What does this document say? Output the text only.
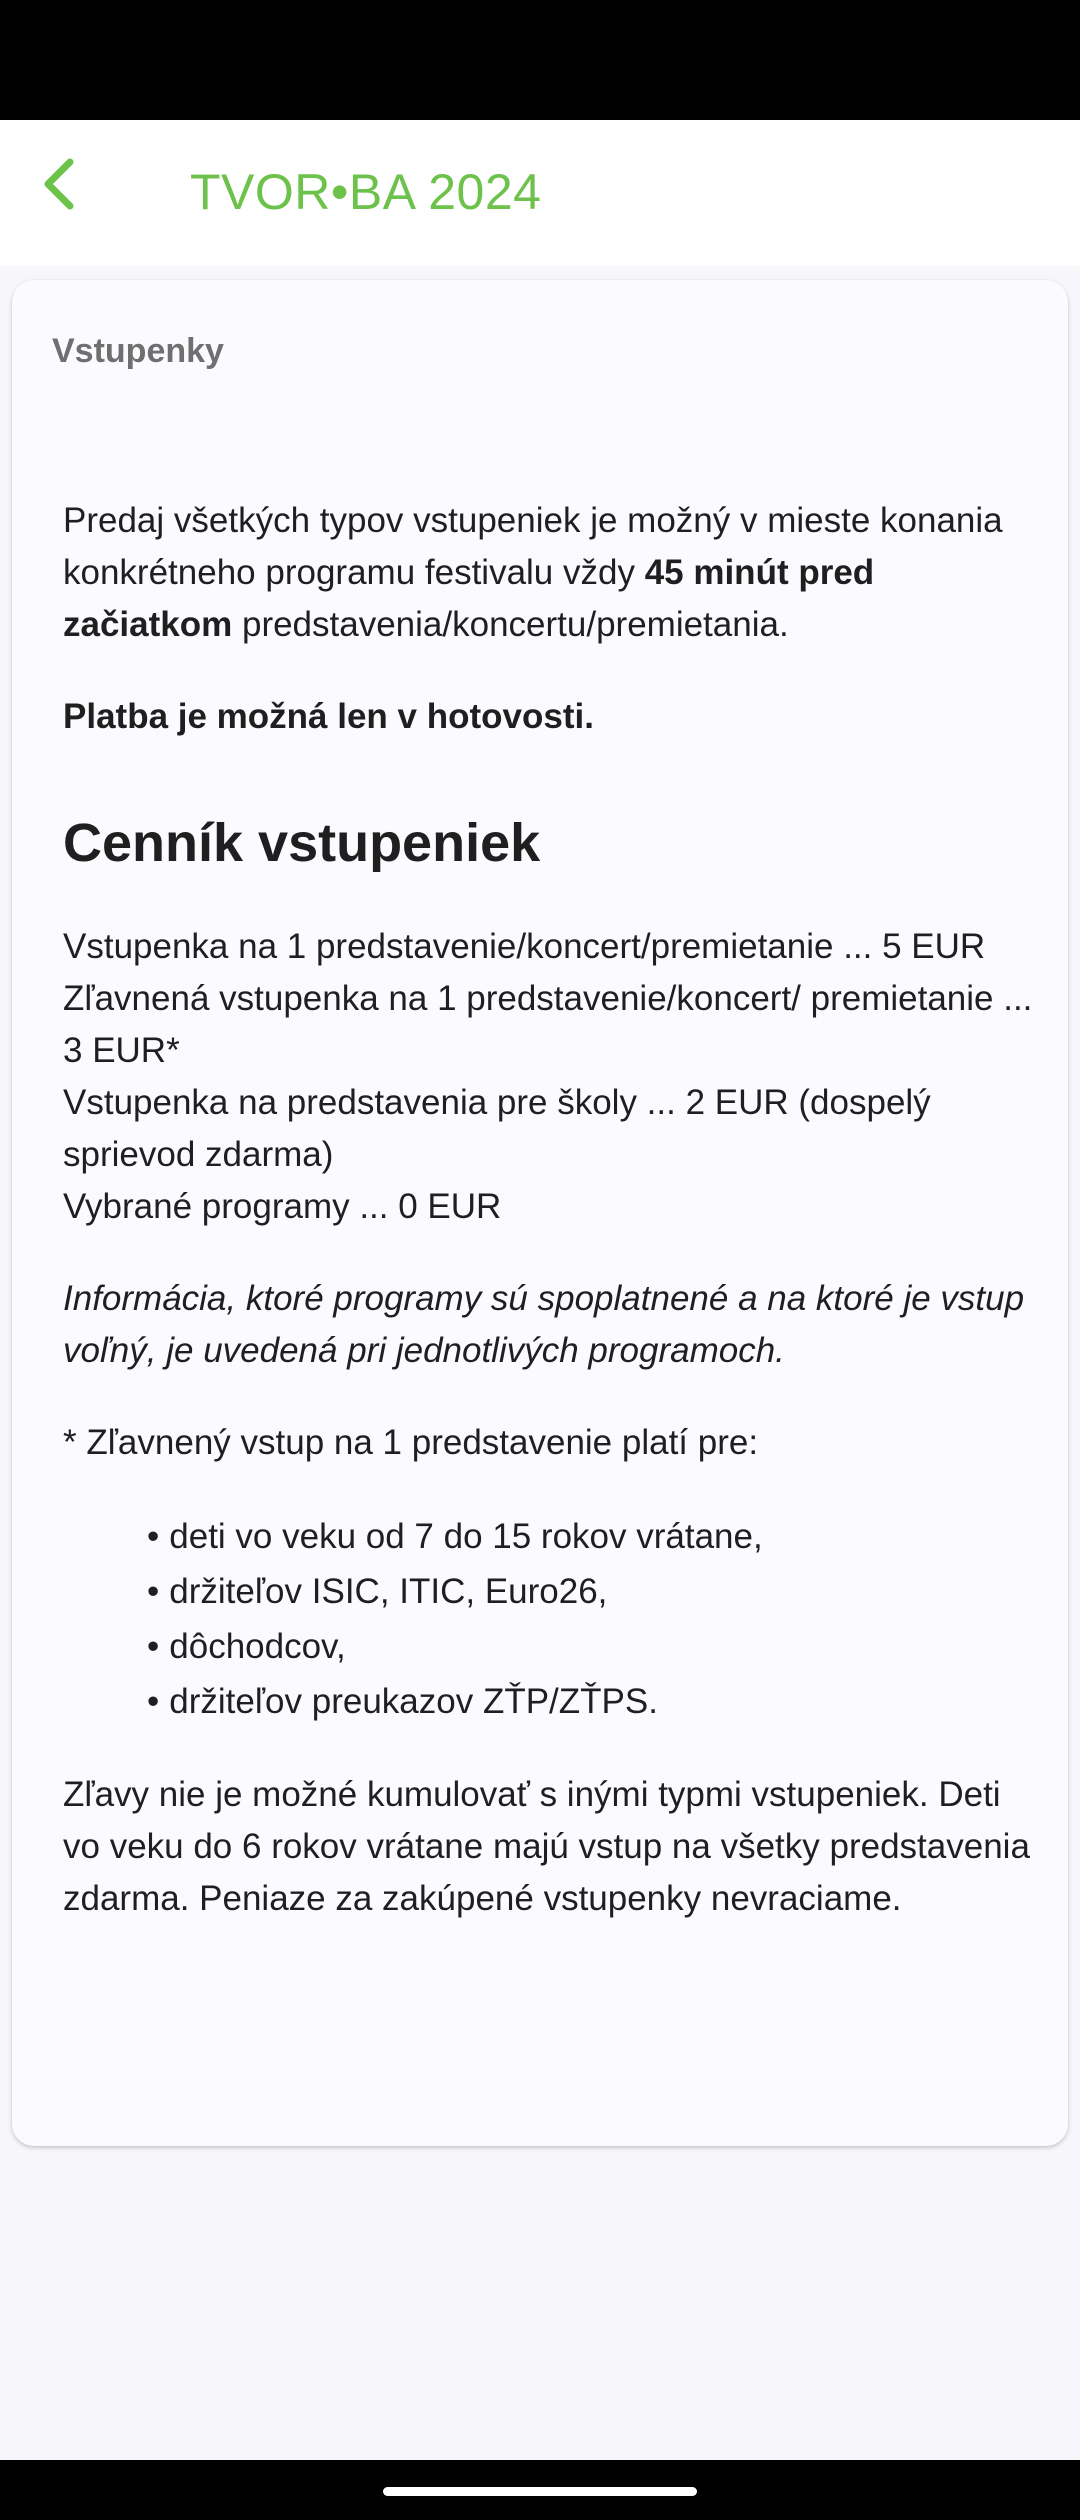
TVOR•BA 2024
Vstupenky

Predaj všetkých typov vstupeniek je možný v mieste konania konkrétneho programu festivalu vždy 45 minút pred začiatkom predstavenia/koncertu/premietania.

Platba je možná len v hotovosti.

Cenník vstupeniek

Vstupenka na 1 predstavenie/koncert/premietanie ... 5 EUR
Zľavnená vstupenka na 1 predstavenie/koncert/ premietanie ... 3 EUR*
Vstupenka na predstavenia pre školy ... 2 EUR (dospelý sprievod zdarma)
Vybrané programy ... 0 EUR

Informácia, ktoré programy sú spoplatnené a na ktoré je vstup voľný, je uvedená pri jednotlivých programoch.

* Zľavnený vstup na 1 predstavenie platí pre:

• deti vo veku od 7 do 15 rokov vrátane,
• držiteľov ISIC, ITIC, Euro26,
• dôchodcov,
• držiteľov preukazov ZŤP/ZŤPS.

Zľavy nie je možné kumulovať s inými typmi vstupeniek. Deti vo veku do 6 rokov vrátane majú vstup na všetky predstavenia zdarma. Peniaze za zakúpené vstupenky nevraciame.
